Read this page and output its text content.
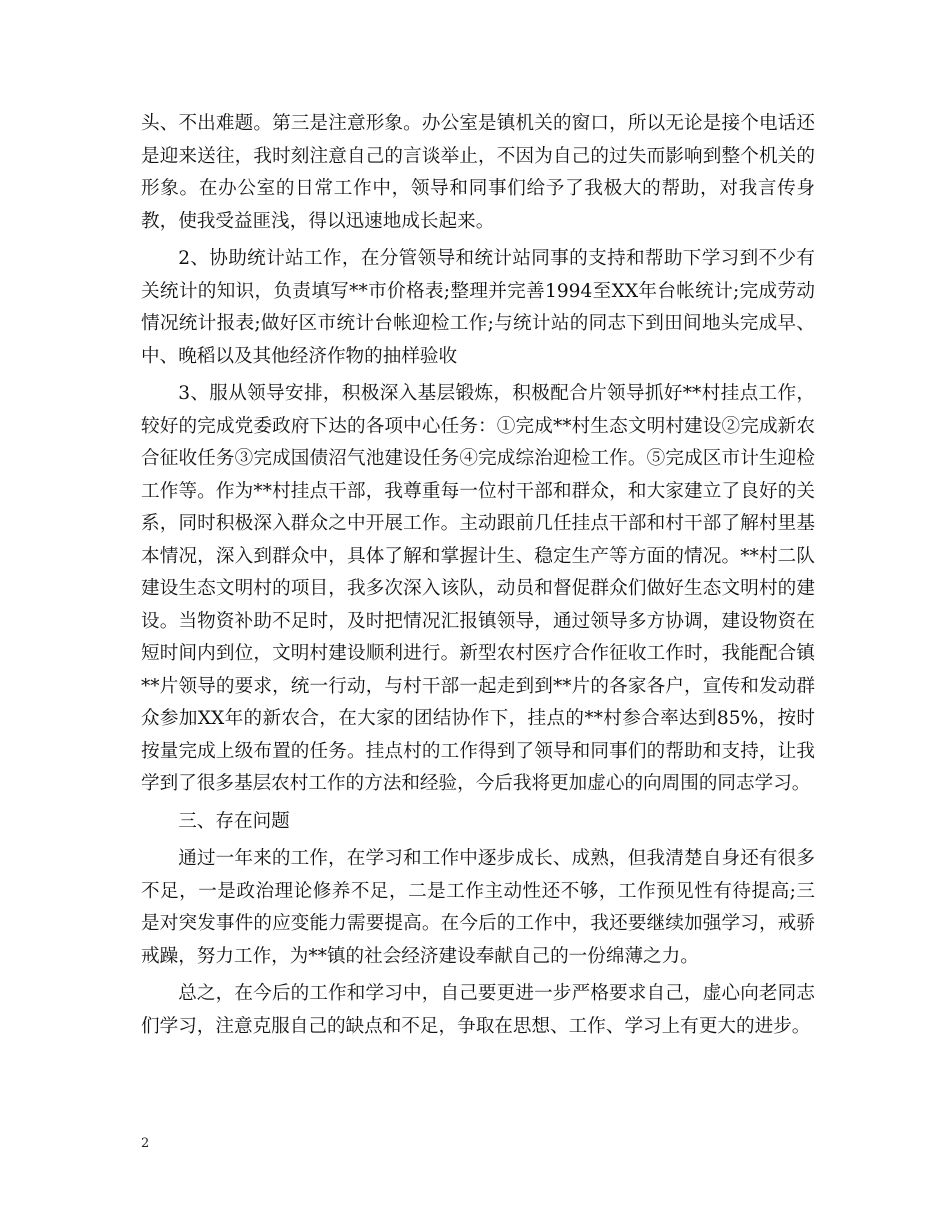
头、不出难题。第三是注意形象。办公室是镇机关的窗口，所以无论是接个电话还是迎来送往，我时刻注意自己的言谈举止，不因为自己的过失而影响到整个机关的形象。在办公室的日常工作中，领导和同事们给予了我极大的帮助，对我言传身教，使我受益匪浅，得以迅速地成长起来。

2、协助统计站工作，在分管领导和统计站同事的支持和帮助下学习到不少有关统计的知识，负责填写**市价格表;整理并完善1994至XX年台帐统计;完成劳动情况统计报表;做好区市统计台帐迎检工作;与统计站的同志下到田间地头完成早、中、晚稻以及其他经济作物的抽样验收

3、服从领导安排，积极深入基层锻炼，积极配合片领导抓好**村挂点工作，较好的完成党委政府下达的各项中心任务：①完成**村生态文明村建设②完成新农合征收任务③完成国债沼气池建设任务④完成综治迎检工作。⑤完成区市计生迎检工作等。作为**村挂点干部，我尊重每一位村干部和群众，和大家建立了良好的关系，同时积极深入群众之中开展工作。主动跟前几任挂点干部和村干部了解村里基本情况，深入到群众中，具体了解和掌握计生、稳定生产等方面的情况。**村二队建设生态文明村的项目，我多次深入该队，动员和督促群众们做好生态文明村的建设。当物资补助不足时，及时把情况汇报镇领导，通过领导多方协调，建设物资在短时间内到位，文明村建设顺利进行。新型农村医疗合作征收工作时，我能配合镇**片领导的要求，统一行动，与村干部一起走到到**片的各家各户，宣传和发动群众参加XX年的新农合，在大家的团结协作下，挂点的**村参合率达到85%，按时按量完成上级布置的任务。挂点村的工作得到了领导和同事们的帮助和支持，让我学到了很多基层农村工作的方法和经验，今后我将更加虚心的向周围的同志学习。

三、存在问题

通过一年来的工作，在学习和工作中逐步成长、成熟，但我清楚自身还有很多不足，一是政治理论修养不足，二是工作主动性还不够，工作预见性有待提高;三是对突发事件的应变能力需要提高。在今后的工作中，我还要继续加强学习，戒骄戒躁，努力工作，为**镇的社会经济建设奉献自己的一份绵薄之力。

总之，在今后的工作和学习中，自己要更进一步严格要求自己，虚心向老同志们学习，注意克服自己的缺点和不足，争取在思想、工作、学习上有更大的进步。

2
